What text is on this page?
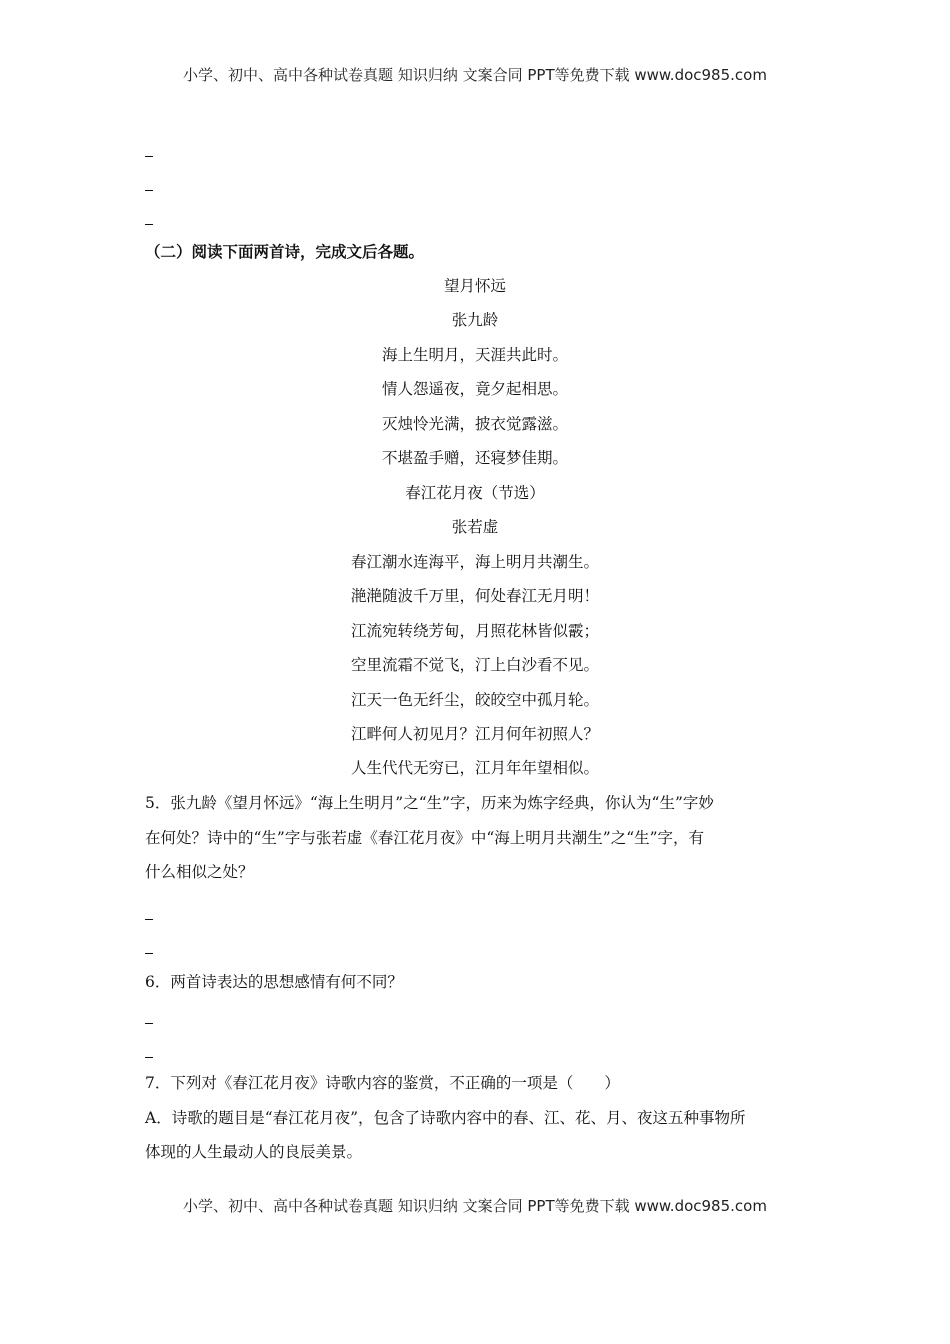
小学、初中、高中各种试卷真题 知识归纳 文案合同 PPT等免费下载 www.doc985.com
（二）阅读下面两首诗，完成文后各题。
望月怀远
张九龄
海上生明月，天涯共此时。
情人怨遥夜，竟夕起相思。
灭烛怜光满，披衣觉露滋。
不堪盈手赠，还寝梦佳期。
春江花月夜（节选）
张若虚
春江潮水连海平，海上明月共潮生。
滟滟随波千万里，何处春江无月明！
江流宛转绕芳甸，月照花林皆似霰；
空里流霜不觉飞，汀上白沙看不见。
江天一色无纤尘，皎皎空中孤月轮。
江畔何人初见月？江月何年初照人？
人生代代无穷已，江月年年望相似。
5．张九龄《望月怀远》“海上生明月”之“生”字，历来为炼字经典，你认为“生”字妙
在何处？诗中的“生”字与张若虚《春江花月夜》中“海上明月共潮生”之“生”字，有
什么相似之处？
6．两首诗表达的思想感情有何不同？
7．下列对《春江花月夜》诗歌内容的鉴赏，不正确的一项是（　　）
A．诗歌的题目是“春江花月夜”，包含了诗歌内容中的春、江、花、月、夜这五种事物所
体现的人生最动人的良辰美景。
小学、初中、高中各种试卷真题 知识归纳 文案合同 PPT等免费下载 www.doc985.com
